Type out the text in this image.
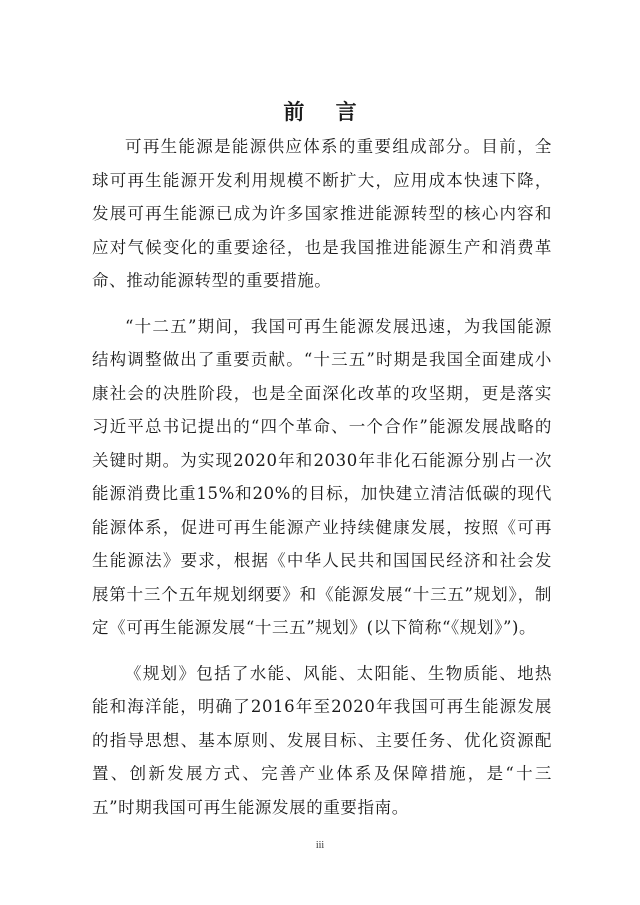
前 言

可再生能源是能源供应体系的重要组成部分。目前，全球可再生能源开发利用规模不断扩大，应用成本快速下降，发展可再生能源已成为许多国家推进能源转型的核心内容和应对气候变化的重要途径，也是我国推进能源生产和消费革命、推动能源转型的重要措施。

“十二五”期间，我国可再生能源发展迅速，为我国能源结构调整做出了重要贡献。“十三五”时期是我国全面建成小康社会的决胜阶段，也是全面深化改革的攻坚期，更是落实习近平总书记提出的“四个革命、一个合作”能源发展战略的关键时期。为实现2020年和2030年非化石能源分别占一次能源消费比重15%和20%的目标，加快建立清洁低碳的现代能源体系，促进可再生能源产业持续健康发展，按照《可再生能源法》要求，根据《中华人民共和国国民经济和社会发展第十三个五年规划纲要》和《能源发展“十三五”规划》，制定《可再生能源发展“十三五”规划》(以下简称“《规划》”)。

《规划》包括了水能、风能、太阳能、生物质能、地热能和海洋能，明确了2016年至2020年我国可再生能源发展的指导思想、基本原则、发展目标、主要任务、优化资源配置、创新发展方式、完善产业体系及保障措施，是“十三五”时期我国可再生能源发展的重要指南。

iii
